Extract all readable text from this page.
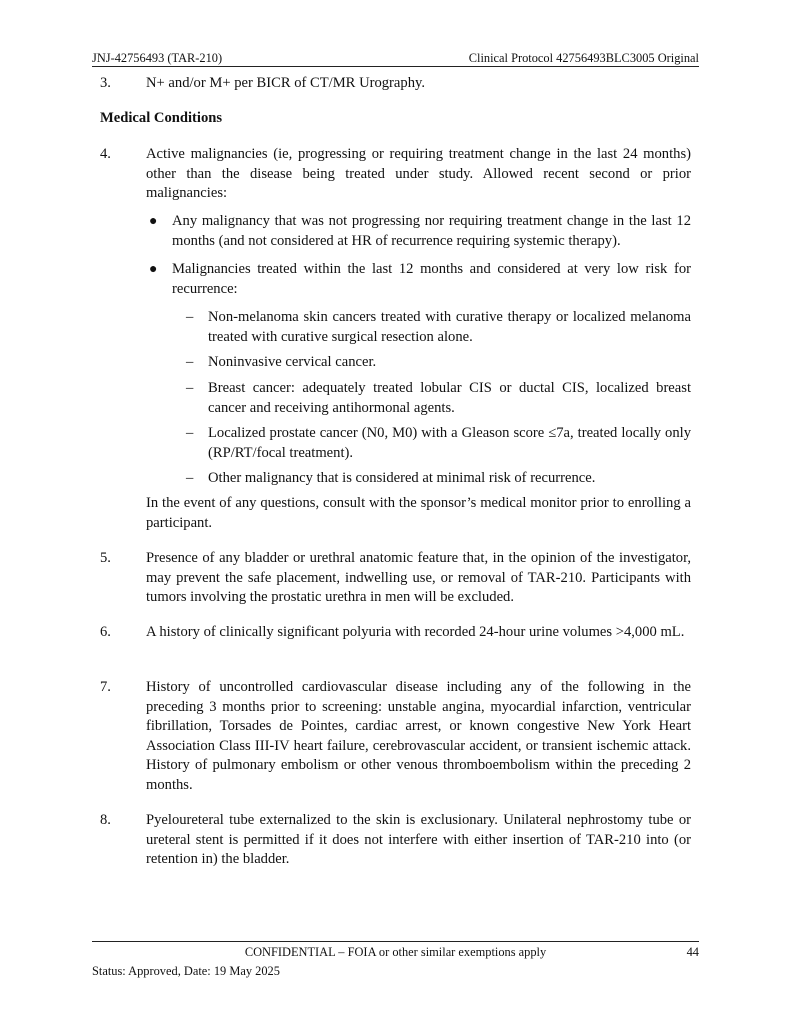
JNJ-42756493 (TAR-210)	Clinical Protocol 42756493BLC3005 Original
3. N+ and/or M+ per BICR of CT/MR Urography.
Medical Conditions
4. Active malignancies (ie, progressing or requiring treatment change in the last 24 months) other than the disease being treated under study. Allowed recent second or prior malignancies:
● Any malignancy that was not progressing nor requiring treatment change in the last 12 months (and not considered at HR of recurrence requiring systemic therapy).
● Malignancies treated within the last 12 months and considered at very low risk for recurrence:
– Non-melanoma skin cancers treated with curative therapy or localized melanoma treated with curative surgical resection alone.
– Noninvasive cervical cancer.
– Breast cancer: adequately treated lobular CIS or ductal CIS, localized breast cancer and receiving antihormonal agents.
– Localized prostate cancer (N0, M0) with a Gleason score ≤7a, treated locally only (RP/RT/focal treatment).
– Other malignancy that is considered at minimal risk of recurrence.
In the event of any questions, consult with the sponsor’s medical monitor prior to enrolling a participant.
5. Presence of any bladder or urethral anatomic feature that, in the opinion of the investigator, may prevent the safe placement, indwelling use, or removal of TAR-210. Participants with tumors involving the prostatic urethra in men will be excluded.
6. A history of clinically significant polyuria with recorded 24-hour urine volumes >4,000 mL.
7. History of uncontrolled cardiovascular disease including any of the following in the preceding 3 months prior to screening: unstable angina, myocardial infarction, ventricular fibrillation, Torsades de Pointes, cardiac arrest, or known congestive New York Heart Association Class III-IV heart failure, cerebrovascular accident, or transient ischemic attack. History of pulmonary embolism or other venous thromboembolism within the preceding 2 months.
8. Pyeloureteral tube externalized to the skin is exclusionary. Unilateral nephrostomy tube or ureteral stent is permitted if it does not interfere with either insertion of TAR-210 into (or retention in) the bladder.
CONFIDENTIAL – FOIA or other similar exemptions apply	44
Status: Approved, Date: 19 May 2025
